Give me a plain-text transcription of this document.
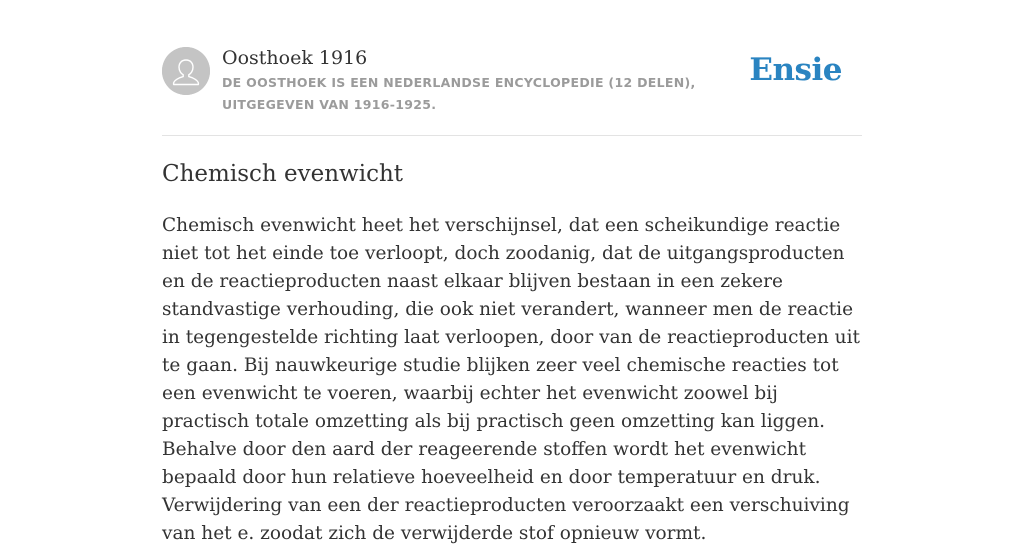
Oosthoek 1916
DE OOSTHOEK IS EEN NEDERLANDSE ENCYCLOPEDIE (12 DELEN), UITGEGEVEN VAN 1916-1925.
Ensie
Chemisch evenwicht

Chemisch evenwicht heet het verschijnsel, dat een scheikundige reactie niet tot het einde toe verloopt, doch zoodanig, dat de uitgangsproducten en de reactieproducten naast elkaar blijven bestaan in een zekere standvastige verhouding, die ook niet verandert, wanneer men de reactie in tegengestelde richting laat verloopen, door van de reactieproducten uit te gaan. Bij nauwkeurige studie blijken zeer veel chemische reacties tot een evenwicht te voeren, waarbij echter het evenwicht zoowel bij practisch totale omzetting als bij practisch geen omzetting kan liggen. Behalve door den aard der reageerende stoffen wordt het evenwicht bepaald door hun relatieve hoeveelheid en door temperatuur en druk. Verwijdering van een der reactieproducten veroorzaakt een verschuiving van het e. zoodat zich de verwijderde stof opnieuw vormt.
